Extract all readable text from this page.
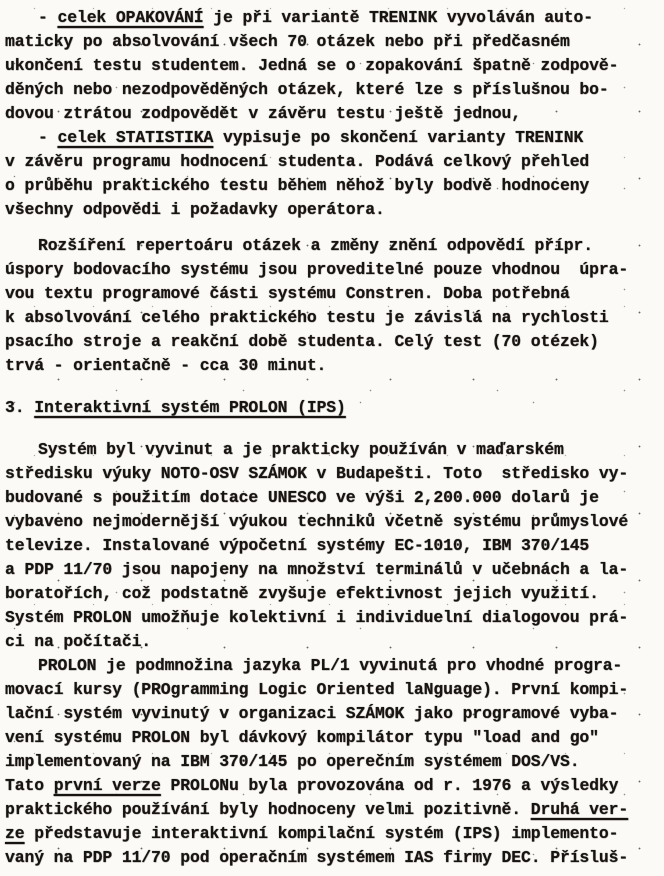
- celek OPAKOVÁNÍ je při variantě TRENINK vyvoláván auto-
maticky po absolvování všech 70 otázek nebo při předčasném
ukončení testu studentem. Jedná se o zopakování špatně zodpově-
děných nebo nezodpověděných otázek, které lze s příslušnou bo-
dovou ztrátou zodpovědět v závěru testu ještě jednou,
- celek STATISTIKA vypisuje po skončení varianty TRENINK
v závěru programu hodnocení studenta. Podává celkový přehled
o průběhu praktického testu během něhož byly bodvě hodnoceny
všechny odpovědi i požadavky operátora.
Rozšíření repertoáru otázek a změny znění odpovědí přípr.
úspory bodovacího systému jsou proveditelné pouze vhodnou  úpra-
vou textu programové části systému Constren. Doba potřebná
k absolvování celého praktického testu je závislá na rychlosti
psacího stroje a reakční době studenta. Celý test (70 otézek)
trvá - orientačně - cca 30 minut.
3. Interaktivní systém PROLON (IPS)
Systém byl vyvinut a je prakticky používán v maďarském
středisku výuky NOTO-OSV SZÁMOK v Budapešti. Toto  středisko vy-
budované s použitím dotace UNESCO ve výši 2,200.000 dolarů je
vybaveno nejmodernější výukou techniků včetně systému průmyslové
televize. Instalované výpočetní systémy EC-1010, IBM 370/145
a PDP 11/70 jsou napojeny na množství terminálů v učebnách a la-
boratořích, což podstatně zvyšuje efektivnost jejich využití.
Systém PROLON umožňuje kolektivní i individuelní dialogovou prá-
ci na počítači.
PROLON je podmnožina jazyka PL/1 vyvinutá pro vhodné progra-
movací kursy (PROgramming Logic Oriented laNguage). První kompi-
lační systém vyvinutý v organizaci SZÁMOK jako programové vyba-
vení systému PROLON byl dávkový kompilátor typu "load and go"
implementovaný na IBM 370/145 po operečním systémem DOS/VS.
Tato první verze PROLONu byla provozována od r. 1976 a výsledky
praktického používání byly hodnoceny velmi pozitivně. Druhá ver-
ze představuje interaktivní kompilační systém (IPS) implemento-
vaný na PDP 11/70 pod operačním systémem IAS firmy DEC. Přísluš-
